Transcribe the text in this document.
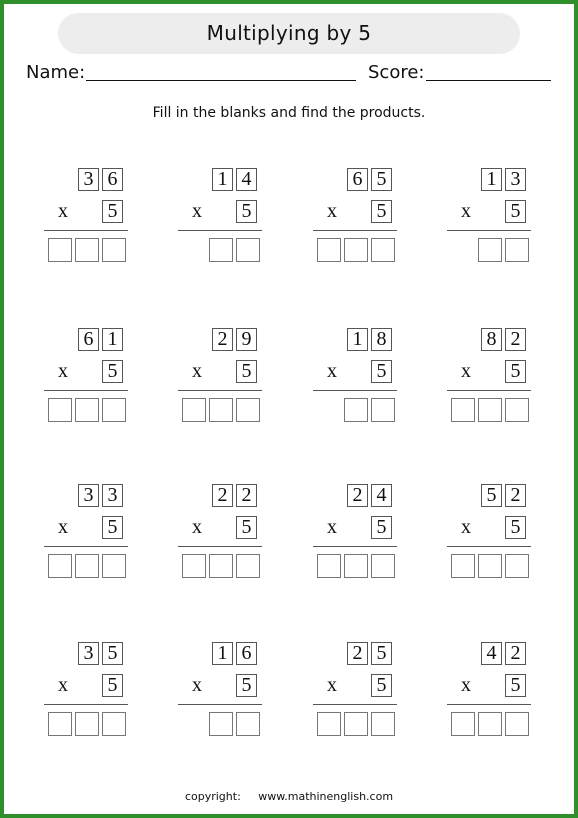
Multiplying by 5
Name:	Score:
Fill in the blanks and find the products.
3 6
x 5
1 4
x 5
6 5
x 5
1 3
x 5
6 1
x 5
2 9
x 5
1 8
x 5
8 2
x 5
3 3
x 5
2 2
x 5
2 4
x 5
5 2
x 5
3 5
x 5
1 6
x 5
2 5
x 5
4 2
x 5
copyright: www.mathinenglish.com
